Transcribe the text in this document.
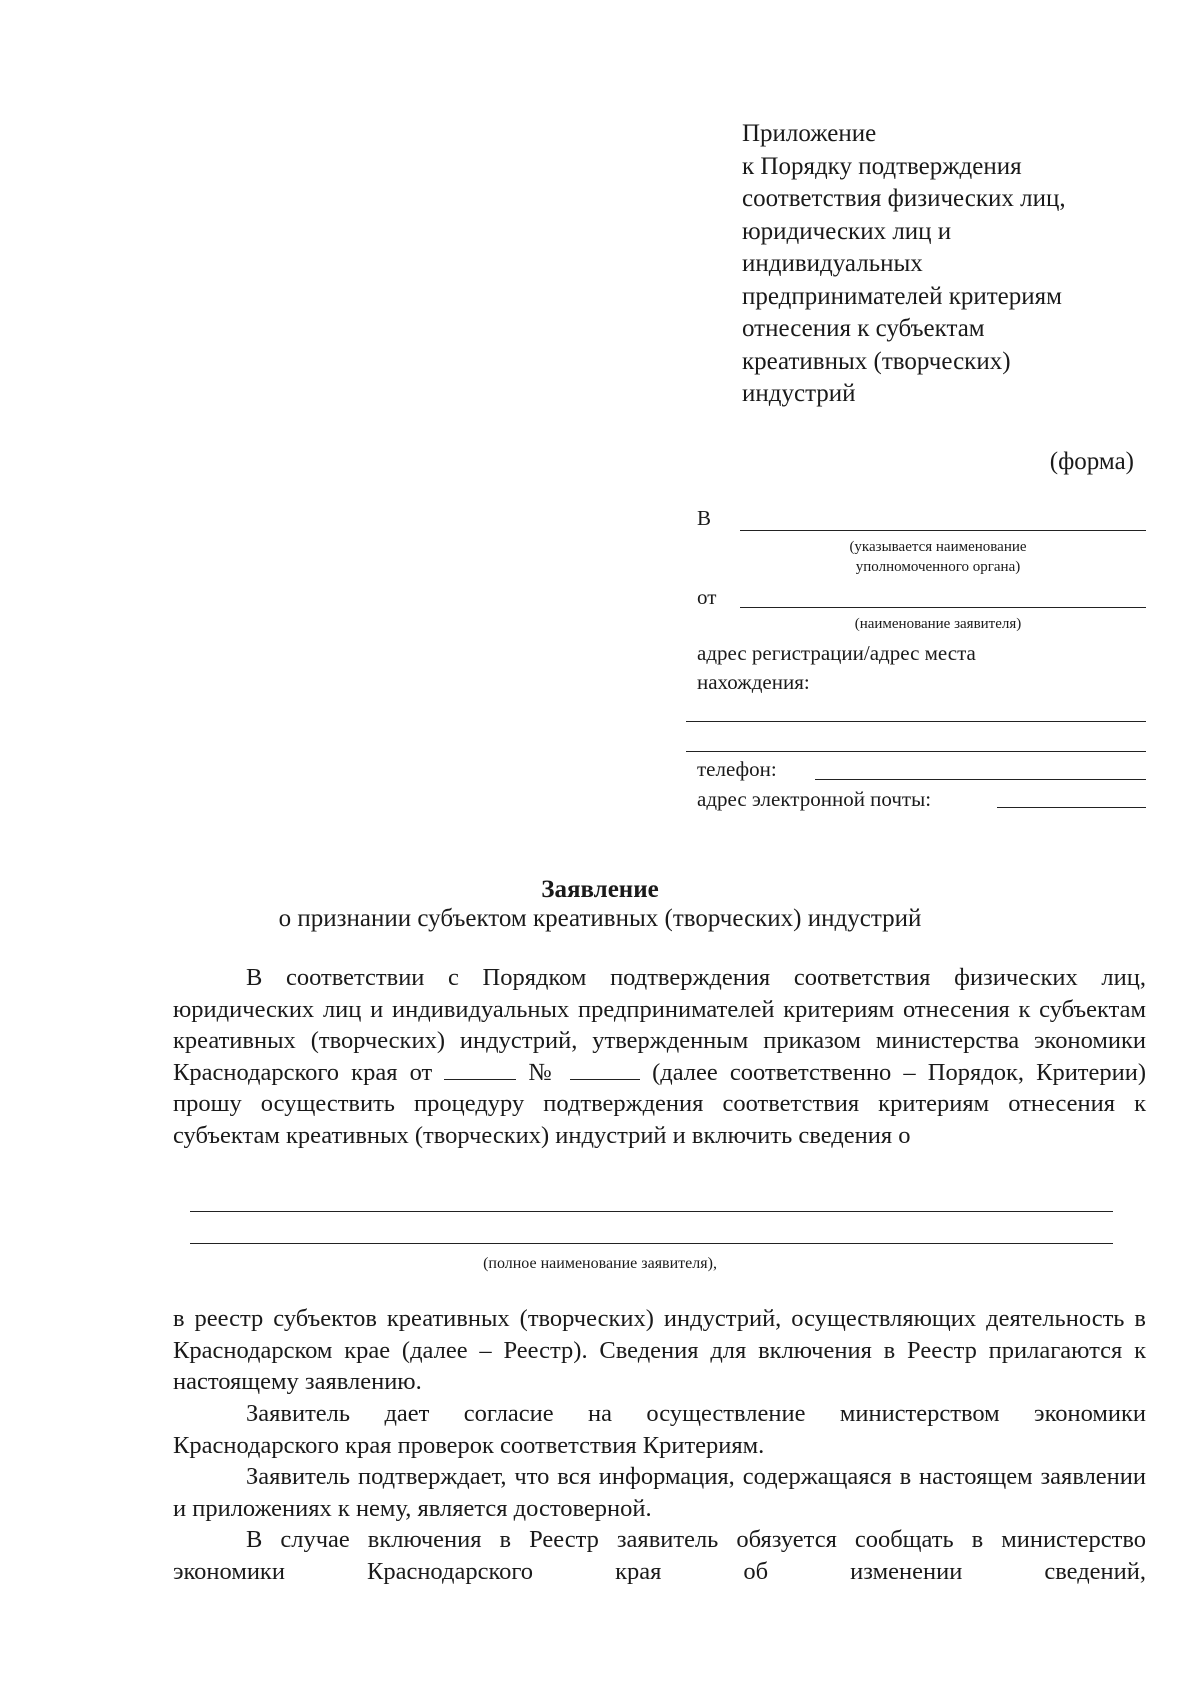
Приложение
к Порядку подтверждения
соответствия физических лиц,
юридических лиц и
индивидуальных
предпринимателей критериям
отнесения к субъектам
креативных (творческих)
индустрий
(форма)
В
(указывается наименование
уполномоченного органа)
от
(наименование заявителя)
адрес регистрации/адрес места
нахождения:
телефон:
адрес электронной почты:
Заявление
о признании субъектом креативных (творческих) индустрий
В соответствии с Порядком подтверждения соответствия физических лиц, юридических лиц и индивидуальных предпринимателей критериям отнесения к субъектам креативных (творческих) индустрий, утвержденным приказом министерства экономики Краснодарского края от	№	(далее соответственно – Порядок, Критерии) прошу осуществить процедуру подтверждения соответствия критериям отнесения к субъектам креативных (творческих) индустрий и включить сведения о
(полное наименование заявителя),
в реестр субъектов креативных (творческих) индустрий, осуществляющих деятельность в Краснодарском крае (далее – Реестр). Сведения для включения в Реестр прилагаются к настоящему заявлению.
Заявитель дает согласие на осуществление министерством экономики Краснодарского края проверок соответствия Критериям.
Заявитель подтверждает, что вся информация, содержащаяся в настоящем заявлении и приложениях к нему, является достоверной.
В случае включения в Реестр заявитель обязуется сообщать в министерство экономики Краснодарского края об изменении сведений,
